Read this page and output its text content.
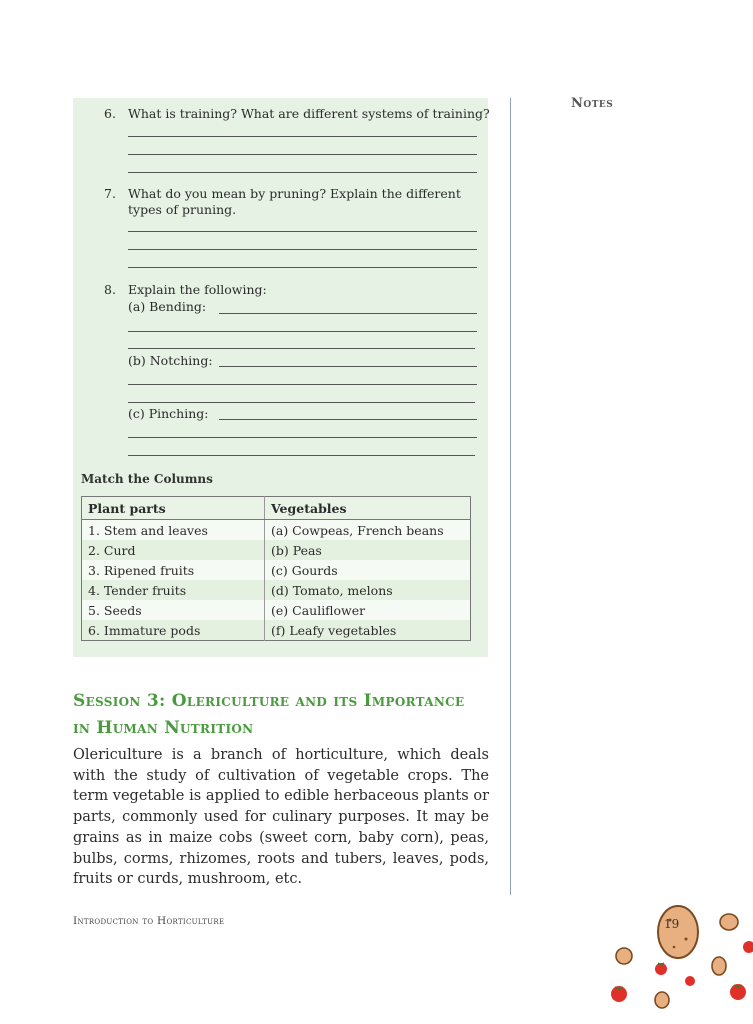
6. What is training? What are different systems of training?
7. What do you mean by pruning? Explain the different
types of pruning.
8. Explain the following:
(a) Bending:
(b) Notching:
(c) Pinching:
Match the Columns
Plant parts	Vegetables
1. Stem and leaves	(a) Cowpeas, French beans
2. Curd	(b) Peas
3. Ripened fruits	(c) Gourds
4. Tender fruits	(d) Tomato, melons
5. Seeds	(e) Cauliflower
6. Immature pods	(f) Leafy vegetables
Notes
Session 3: Olericulture and its Importance
in Human Nutrition
Olericulture is a branch of horticulture, which deals with the study of cultivation of vegetable crops. The term vegetable is applied to edible herbaceous plants or parts, commonly used for culinary purposes. It may be grains as in maize cobs (sweet corn, baby corn), peas, bulbs, corms, rhizomes, roots and tubers, leaves, pods, fruits or curds, mushroom, etc.
Introduction to Horticulture	19
